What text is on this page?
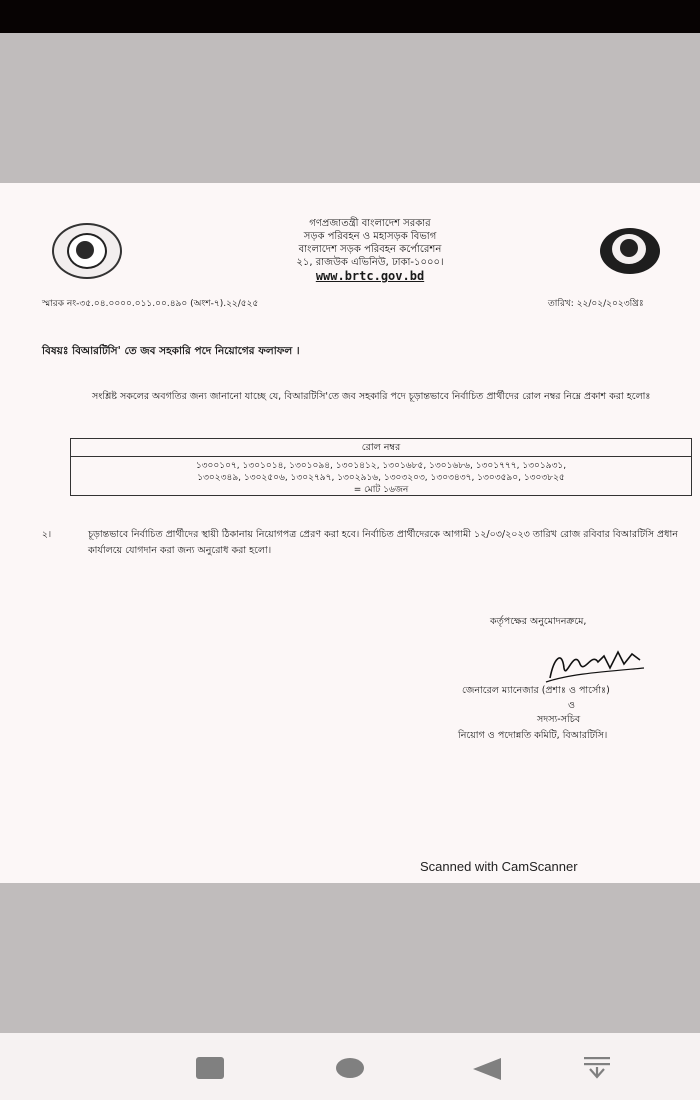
গণপ্রজাতন্ত্রী বাংলাদেশ সরকার
সড়ক পরিবহন ও মহাসড়ক বিভাগ
বাংলাদেশ সড়ক পরিবহন কর্পোরেশন
২১, রাজউক এভিনিউ, ঢাকা-১০০০।
www.brtc.gov.bd
স্মারক নং-৩৫.০৪.০০০০.০১১.০০.৪৯০ (অংশ-৭).২২/৫২৫	তারিখ: ২২/০২/২০২৩খ্রিঃ
বিষয়ঃ বিআরটিসি' তে জব সহকারি পদে নিয়োগের ফলাফল ।
সংশ্লিষ্ট সকলের অবগতির জন্য জানানো যাচ্ছে যে, বিআরটিসি'তে জব সহকারি পদে চূড়ান্তভাবে নির্বাচিত প্রার্থীদের রোল নম্বর নিম্নে প্রকাশ করা হলোঃ
রোল নম্বর
১৩০০১০৭, ১৩০১০১৪, ১৩০১০৯৪, ১৩০১৪১২, ১৩০১৬৮৫, ১৩০১৬৮৬, ১৩০১৭৭৭, ১৩০১৯৩১,
১৩০২৩৪৯, ১৩০২৫০৬, ১৩০২৭৯৭, ১৩০২৯১৬, ১৩০৩২০৩, ১৩০৩৪৩৭, ১৩০৩৫৯০, ১৩০৩৮২৫
= মোট ১৬জন
২।	চূড়ান্তভাবে নির্বাচিত প্রার্থীদের স্থায়ী ঠিকানায় নিয়োগপত্র প্রেরণ করা হবে। নির্বাচিত প্রার্থীদেরকে আগামী ১২/০৩/২০২৩ তারিখ রোজ রবিবার বিআরটিসি প্রধান কার্যালয়ে যোগদান করা জন্য অনুরোধ করা হলো।
কর্তৃপক্ষের অনুমোদনক্রমে,
জেনারেল ম্যানেজার (প্রশাঃ ও পার্সোঃ)
ও
সদস্য-সচিব
নিয়োগ ও পদোন্নতি কমিটি, বিআরটিসি।
Scanned with CamScanner
